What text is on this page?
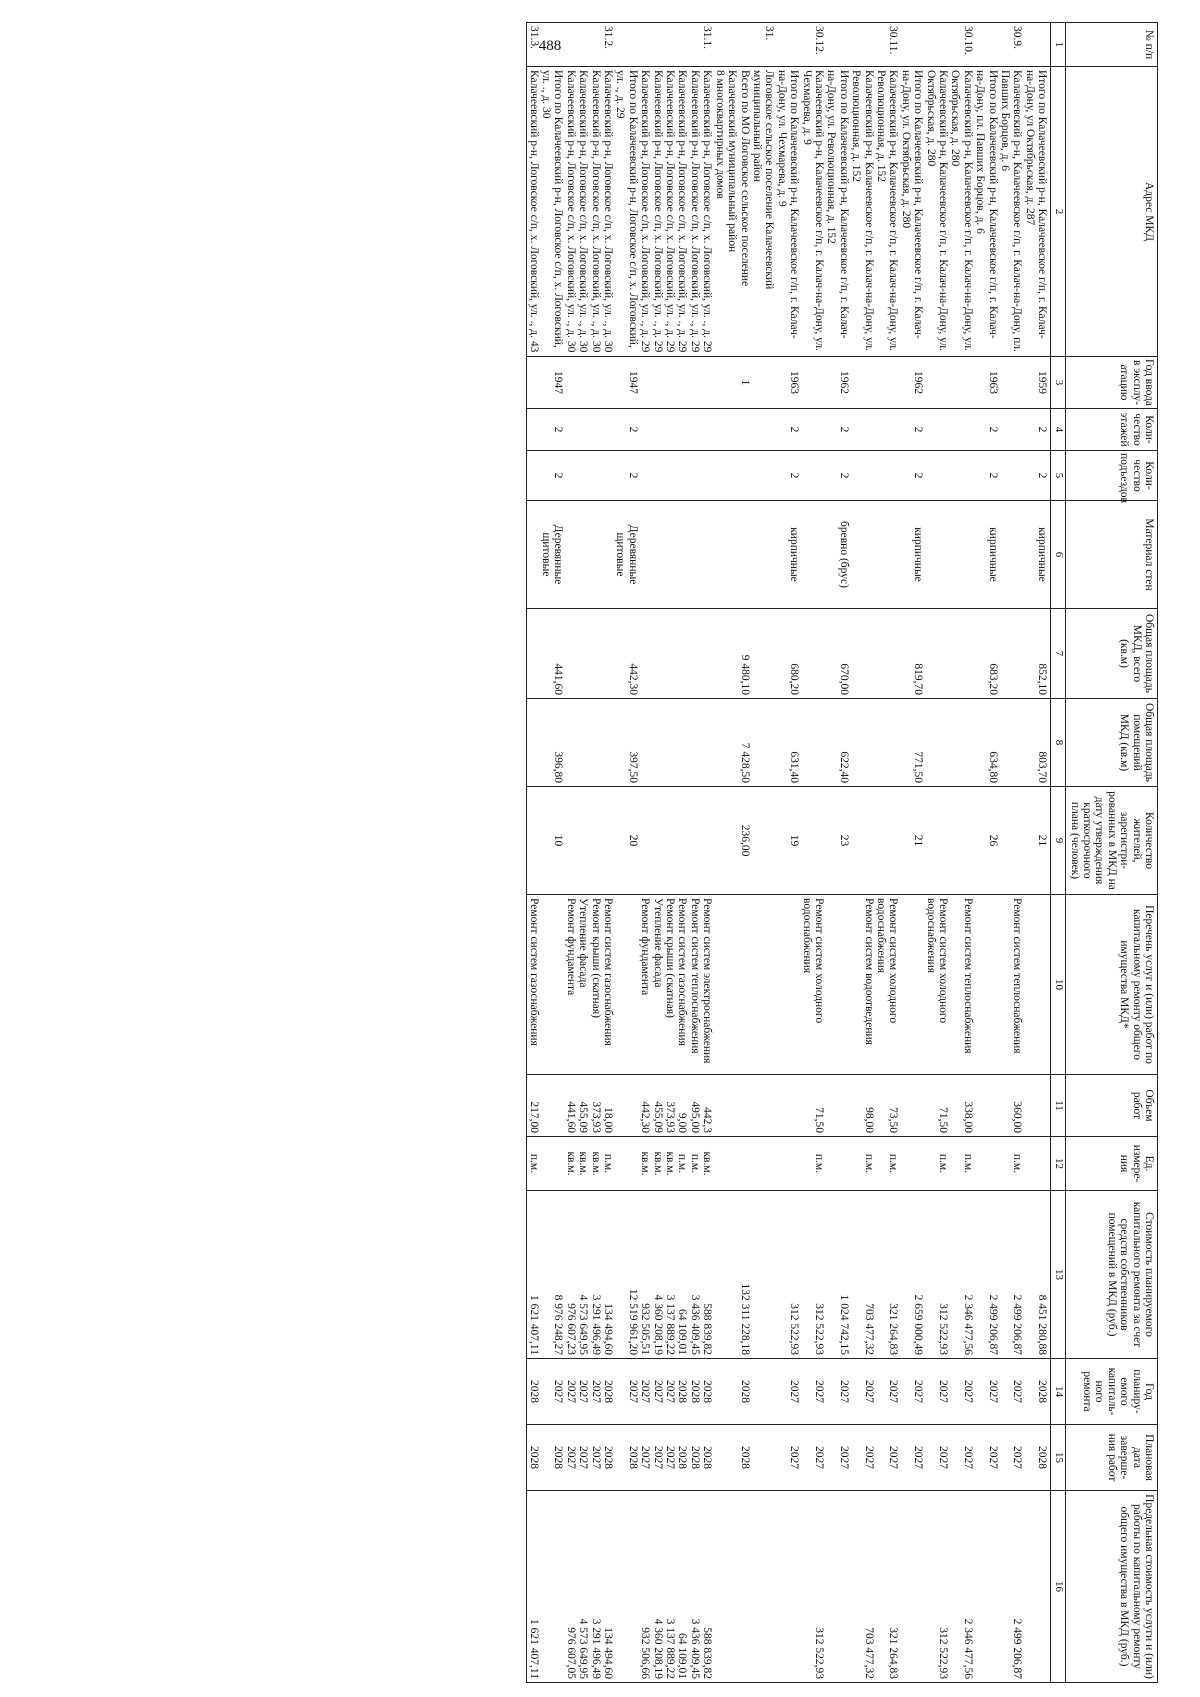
488	№ п/п	Адрес МКД	Год ввода в эксплу-атацию	Коли-чество этажей	Коли-чество подъездов	Материал стен	Общая площадь МКД, всего (кв.м)	Общая площадь помещений МКД (кв.м)	Количество жителей, зарегистри-рованных в МКД на дату утверждения краткосрочного плана (человек)	Перечень услуг и (или) работ по капитальному ремонту общего имущества МКД*	Объем работ	Ед. измере-ния	Стоимость планируемого капитального ремонта за счет средств собственников помещений в МКД (руб.)	Год планиру-емого капиталь-ного ремонта	Плановая дата заверше-ния работ	Предельная стоимость услуги и (или) работы по капитальному ремонту общего имущества в МКД (руб.)
1	2	3	4	5	6	7	8	9	10	11	12	13	14	15	16
	Итого по Калачеевский р-н, Калачеевское г/п, г. Калач-на-Дону, ул Октябрьская, д. 287	1959	2	2	кирпичные	852,10	803,70	21				8 451 280,88	2028	2028	
30.9.	Калачеевский р-н, Калачеевское г/п, г. Калач-на-Дону, пл. Павших Борцов, д. 6								Ремонт систем теплоснабжения	360,00	п.м.	2 499 206,87	2027	2027	2 499 206,87
	Итого по Калачеевский р-н, Калачеевское г/п, г. Калач-на-Дону, пл. Павших Борцов, д. 6	1963	2	2	кирпичные	683,20	634,80	26				2 499 206,87	2027	2027	
30.10.	Калачеевский р-н, Калачеевское г/п, г. Калач-на-Дону, ул. Октябрьская, д. 280								Ремонт систем теплоснабжения	338,00	п.м.	2 346 477,56	2027	2027	2 346 477,56
	Калачеевский р-н, Калачеевское г/п, г. Калач-на-Дону, ул. Октябрьская, д. 280								Ремонт систем холодного водоснабжения	71,50	п.м.	312 522,93	2027	2027	312 522,93
	Итого по Калачеевский р-н, Калачеевское г/п, г. Калач-на-Дону, ул. Октябрьская, д. 280	1962	2	2	кирпичные	819,70	771,50	21				2 659 000,49	2027	2027	
30.11.	Калачеевский р-н, Калачеевское г/п, г. Калач-на-Дону, ул. Революционная, д. 152								Ремонт систем холодного водоснабжения	73,50	п.м.	321 264,83	2027	2027	321 264,83
	Калачеевский р-н, Калачеевское г/п, г. Калач-на-Дону, ул. Революционная, д. 152								Ремонт систем водоотведения	98,00	п.м.	703 477,32	2027	2027	703 477,32
	Итого по Калачеевский р-н, Калачеевское г/п, г. Калач-на-Дону, ул. Революционная, д. 152	1962	2	2	бревно (брус)	670,00	622,40	23				1 024 742,15	2027	2027	
30.12.	Калачеевский р-н, Калачеевское г/п, г. Калач-на-Дону, ул. Чехмарева, д. 9								Ремонт систем холодного водоснабжения	71,50	п.м.	312 522,93	2027	2027	312 522,93
	Итого по Калачеевский р-н, Калачеевское г/п, г. Калач-на-Дону, ул. Чехмарева, д. 9	1963	2	2	кирпичные	680,20	631,40	19				312 522,93	2027	2027	
31.	Логовское сельское поселение Калачеевский муниципальный район														
	Всего по МО Логовское сельское поселение Калачеевский муниципальный район	1				9 480,10	7 428,50	236,00				132 311 228,18	2028	2028	
	8 многоквартирных домов														
31.1.	Калачеевский р-н, Логовское с/п, х. Логовский, ул. ., д. 29								Ремонт систем электроснабжения	442,3	кв.м.	588 839,82	2028	2028	588 839,82
	Калачеевский р-н, Логовское с/п, х. Логовский, ул. ., д. 29								Ремонт систем теплоснабжения	495,00	п.м.	3 436 409,45	2028	2028	3 436 409,45
	Калачеевский р-н, Логовское с/п, х. Логовский, ул. ., д. 29								Ремонт систем газоснабжения	9,00	п.м.	64 109,01	2028	2028	64 109,01
	Калачеевский р-н, Логовское с/п, х. Логовский, ул. ., д. 29								Ремонт крыши (скатная)	373,93	кв.м.	3 137 889,22	2027	2027	3 137 889,22
	Калачеевский р-н, Логовское с/п, х. Логовский, ул. ., д. 29								Утепление фасада	455,09	кв.м.	4 360 208,19	2027	2027	4 360 208,19
	Калачеевский р-н, Логовское с/п, х. Логовский, ул. ., д. 29								Ремонт фундамента	442,30	кв.м.	932 505,51	2027	2027	932 506,66
	Итого по Калачеевский р-н, Логовское с/п, х. Логовский, ул. ., д. 29	1947	2	2	Деревянные щитовые	442,30	397,50	20				12 519 961,20	2027	2028	
31.2.	Калачеевский р-н, Логовское с/п, х. Логовский, ул. ., д. 30								Ремонт систем газоснабжения	18,00	п.м.	134 494,60	2028	2028	134 494,60
	Калачеевский р-н, Логовское с/п, х. Логовский, ул. ., д. 30								Ремонт крыши (скатная)	373,93	кв.м.	3 291 496,49	2027	2027	3 291 496,49
	Калачеевский р-н, Логовское с/п, х. Логовский, ул. ., д. 30								Утепление фасада	455,09	кв.м.	4 573 649,95	2027	2027	4 573 649,95
	Калачеевский р-н, Логовское с/п, х. Логовский, ул. ., д. 30								Ремонт фундамента	441,60	кв.м.	976 607,23	2027	2027	976 607,05
	Итого по Калачеевский р-н, Логовское с/п, х. Логовский, ул. ., д. 30	1947	2	2	Деревянные щитовые	441,60	396,80	10				8 976 248,27	2027	2028	
31.3.	Калачеевский р-н, Логовское с/п, х. Логовский, ул. ., д. 43								Ремонт систем газоснабжения	217,00	п.м.	1 621 407,11	2028	2028	1 621 407,11
